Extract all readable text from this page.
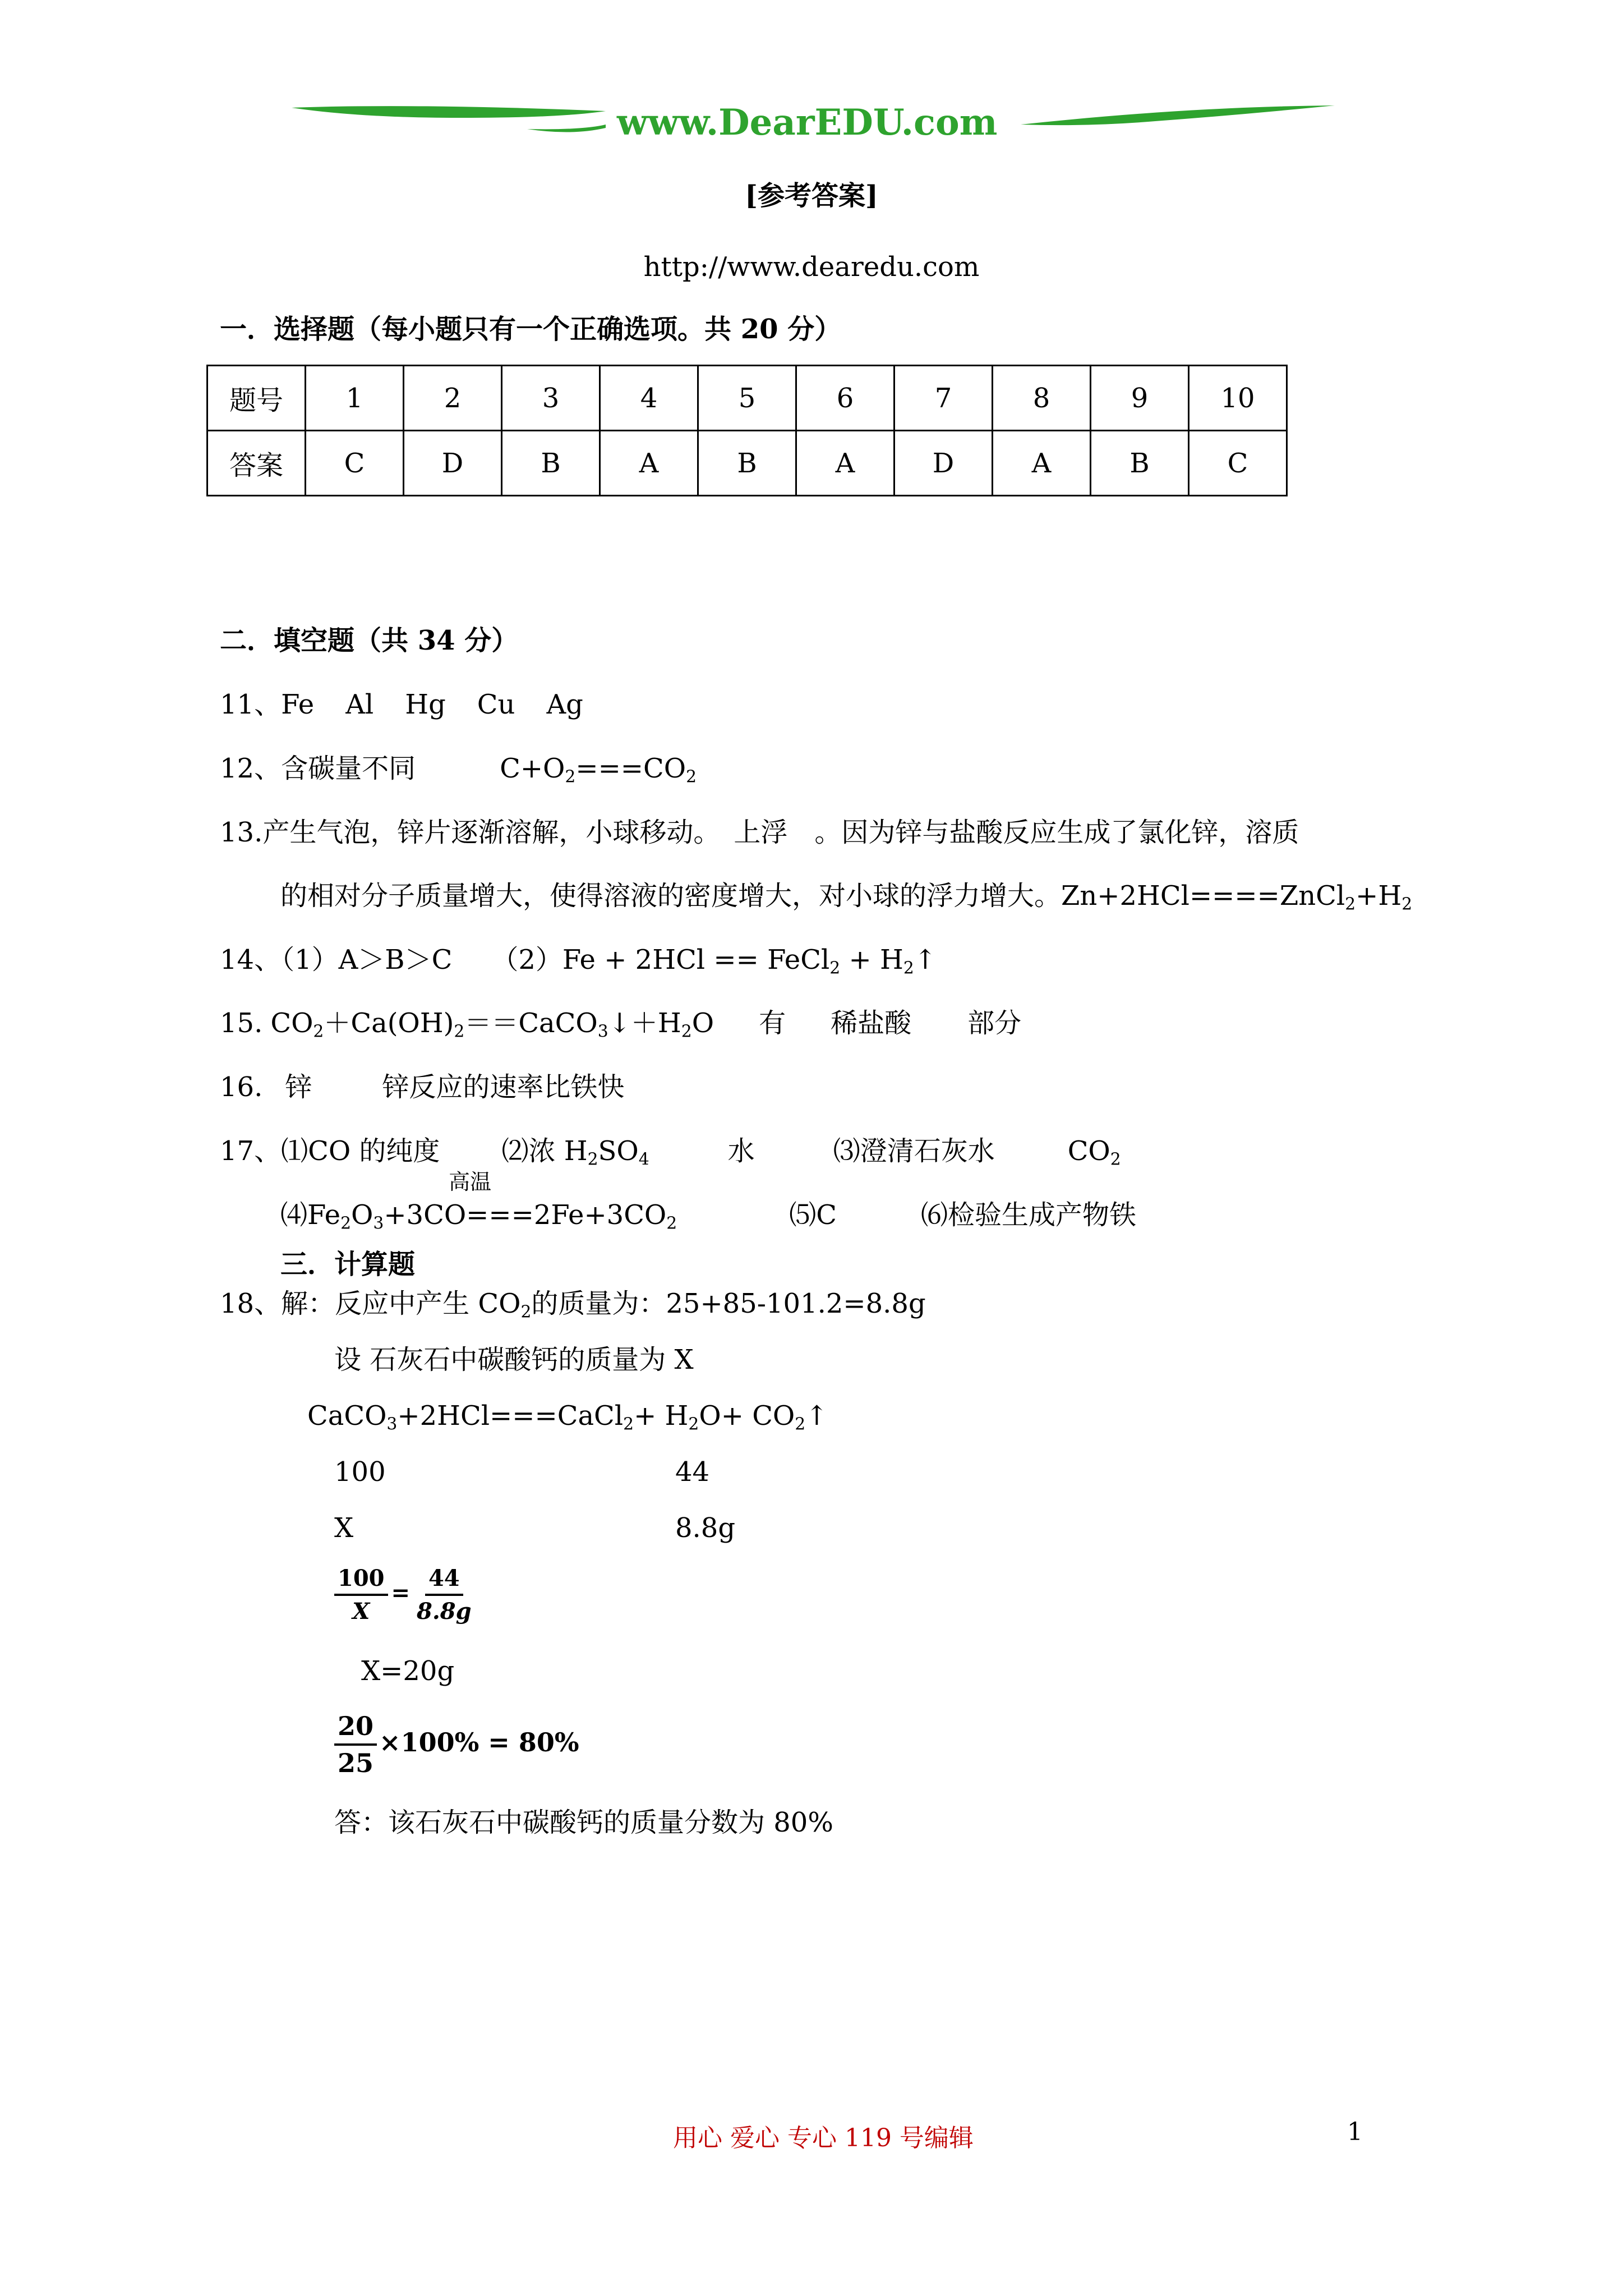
www.DearEDU.com
[参考答案]
http://www.dearedu.com
一．选择题（每小题只有一个正确选项。共 20 分）
题号	1	2	3	4	5	6	7	8	9	10
答案	C	D	B	A	B	A	D	A	B	C
二．填空题（共 34 分）
11、Fe Al Hg Cu Ag
12、含碳量不同	$C+O_2===CO_2$
13.产生气泡，锌片逐渐溶解，小球移动。　上浮　。因为锌与盐酸反应生成了氯化锌，溶质
的相对分子质量增大，使得溶液的密度增大，对小球的浮力增大。$Zn+2HCl====ZnCl_2+H_2$
14、（1）A＞B＞C （2）Fe + 2HCl == FeCl$_2$ + $H_2↑$
15. $CO_2+Ca(OH)_2==CaCO_3↓+H_2O$ 有 稀盐酸 部分
16. 锌	锌反应的速率比铁快
17、⑴CO 的纯度 ⑵浓 $H_2SO_4$	水	⑶澄清石灰水	$CO_2$
高温
$⑷Fe_2O_3+3CO===2Fe+3CO_2$	⑸C	⑹检验生成产物铁
三．计算题
18、解：反应中产生 $CO_2$的质量为：25+85-101.2=8.8g
设 石灰石中碳酸钙的质量为 X
CaCO$_3$+2HCl===CaCl$_2$+ $H_2O+$ $CO_2↑$
100	44
X	8.8g
$\frac{100}{X} = \frac{44}{8.8g}$
X=20g
$\frac{20}{25} \times 100\% = 80\%$
答：该石灰石中碳酸钙的质量分数为 80%
用心 爱心 专心 119 号编辑	1
